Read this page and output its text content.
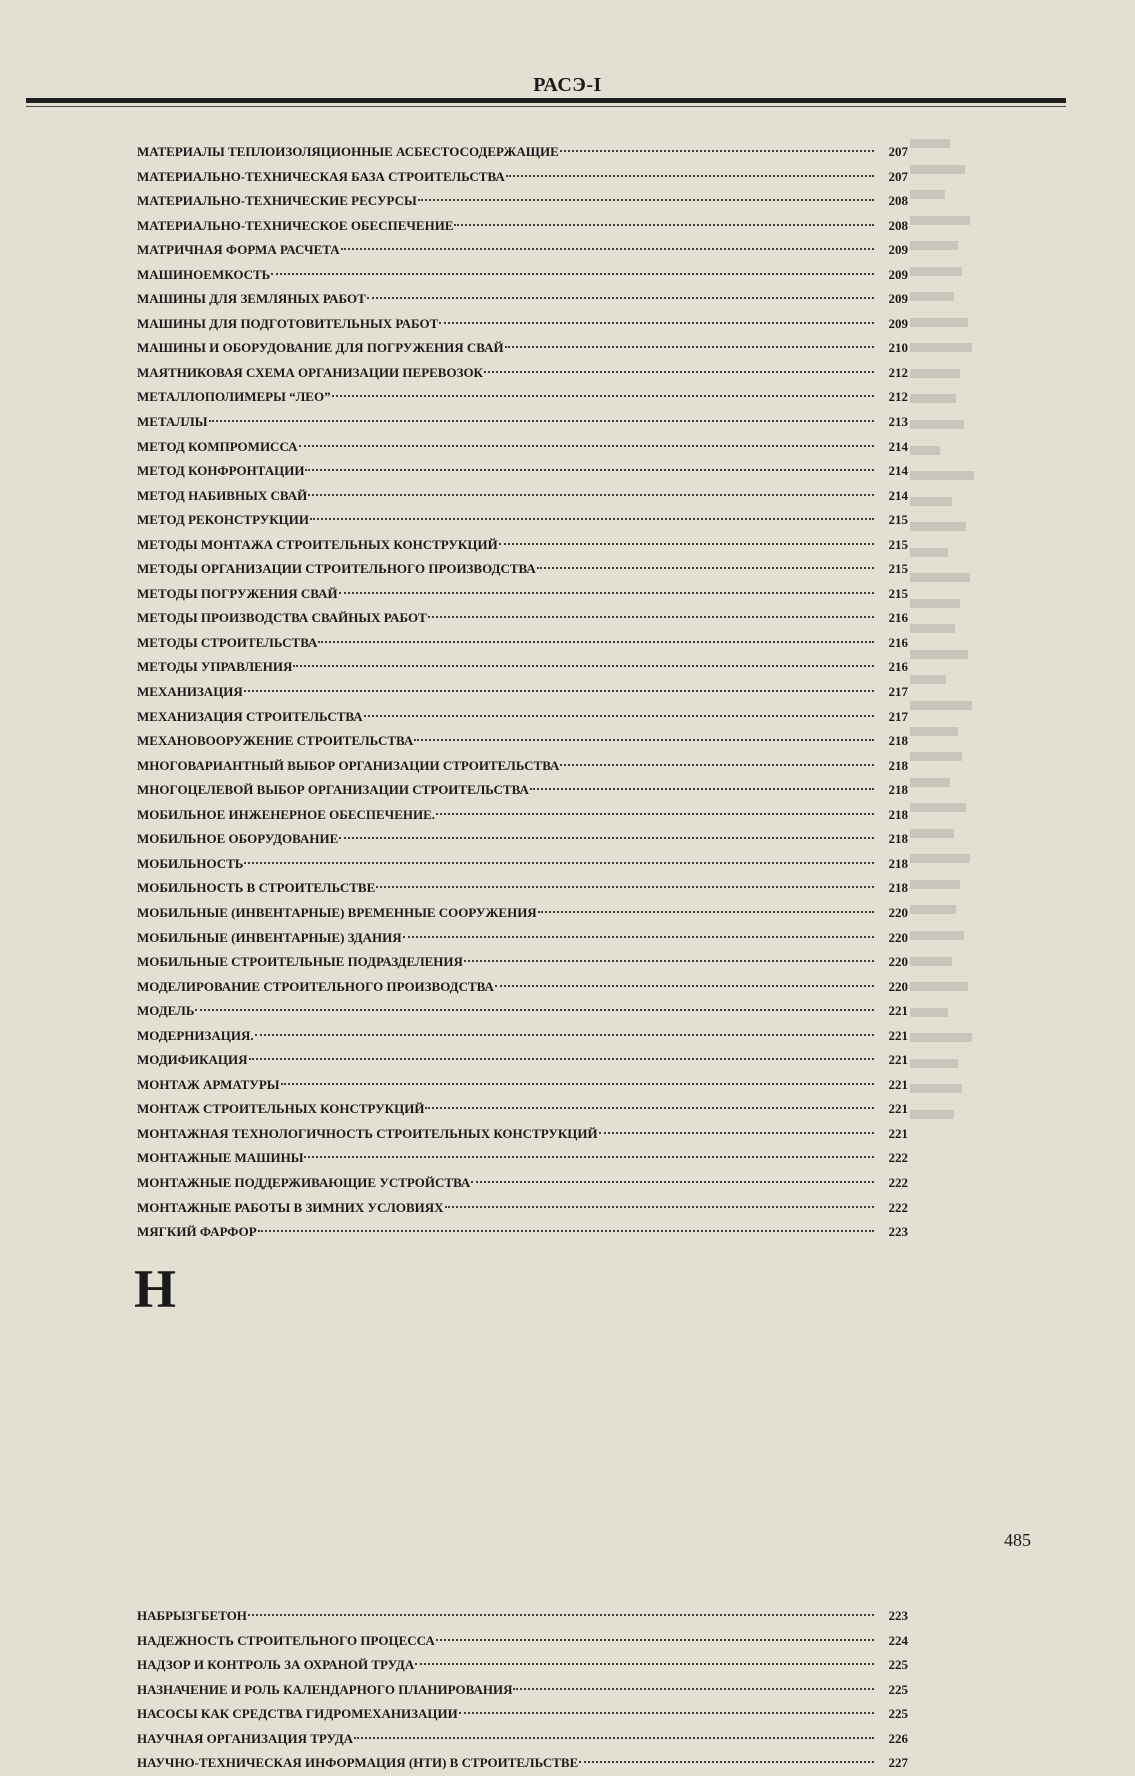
РАСЭ-I
МАТЕРИАЛЫ ТЕПЛОИЗОЛЯЦИОННЫЕ АСБЕСТОСОДЕРЖАЩИЕ	207
МАТЕРИАЛЬНО-ТЕХНИЧЕСКАЯ БАЗА СТРОИТЕЛЬСТВА	207
МАТЕРИАЛЬНО-ТЕХНИЧЕСКИЕ РЕСУРСЫ	208
МАТЕРИАЛЬНО-ТЕХНИЧЕСКОЕ ОБЕСПЕЧЕНИЕ	208
МАТРИЧНАЯ ФОРМА РАСЧЕТА	209
МАШИНОЕМКОСТЬ	209
МАШИНЫ ДЛЯ ЗЕМЛЯНЫХ РАБОТ	209
МАШИНЫ ДЛЯ ПОДГОТОВИТЕЛЬНЫХ РАБОТ	209
МАШИНЫ И ОБОРУДОВАНИЕ ДЛЯ ПОГРУЖЕНИЯ СВАЙ	210
МАЯТНИКОВАЯ СХЕМА ОРГАНИЗАЦИИ ПЕРЕВОЗОК	212
МЕТАЛЛОПОЛИМЕРЫ “ЛЕО”	212
МЕТАЛЛЫ	213
МЕТОД КОМПРОМИССА	214
МЕТОД КОНФРОНТАЦИИ	214
МЕТОД НАБИВНЫХ СВАЙ	214
МЕТОД РЕКОНСТРУКЦИИ	215
МЕТОДЫ МОНТАЖА СТРОИТЕЛЬНЫХ КОНСТРУКЦИЙ	215
МЕТОДЫ ОРГАНИЗАЦИИ СТРОИТЕЛЬНОГО ПРОИЗВОДСТВА	215
МЕТОДЫ ПОГРУЖЕНИЯ СВАЙ	215
МЕТОДЫ ПРОИЗВОДСТВА СВАЙНЫХ РАБОТ	216
МЕТОДЫ СТРОИТЕЛЬСТВА	216
МЕТОДЫ УПРАВЛЕНИЯ	216
МЕХАНИЗАЦИЯ	217
МЕХАНИЗАЦИЯ СТРОИТЕЛЬСТВА	217
МЕХАНОВООРУЖЕНИЕ СТРОИТЕЛЬСТВА	218
МНОГОВАРИАНТНЫЙ ВЫБОР ОРГАНИЗАЦИИ СТРОИТЕЛЬСТВА	218
МНОГОЦЕЛЕВОЙ ВЫБОР ОРГАНИЗАЦИИ СТРОИТЕЛЬСТВА	218
МОБИЛЬНОЕ ИНЖЕНЕРНОЕ ОБЕСПЕЧЕНИЕ.	218
МОБИЛЬНОЕ ОБОРУДОВАНИЕ	218
МОБИЛЬНОСТЬ	218
МОБИЛЬНОСТЬ В СТРОИТЕЛЬСТВЕ	218
МОБИЛЬНЫЕ (ИНВЕНТАРНЫЕ) ВРЕМЕННЫЕ СООРУЖЕНИЯ	220
МОБИЛЬНЫЕ (ИНВЕНТАРНЫЕ) ЗДАНИЯ	220
МОБИЛЬНЫЕ СТРОИТЕЛЬНЫЕ ПОДРАЗДЕЛЕНИЯ	220
МОДЕЛИРОВАНИЕ СТРОИТЕЛЬНОГО ПРОИЗВОДСТВА	220
МОДЕЛЬ	221
МОДЕРНИЗАЦИЯ.	221
МОДИФИКАЦИЯ	221
МОНТАЖ АРМАТУРЫ	221
МОНТАЖ СТРОИТЕЛЬНЫХ КОНСТРУКЦИЙ	221
МОНТАЖНАЯ ТЕХНОЛОГИЧНОСТЬ СТРОИТЕЛЬНЫХ КОНСТРУКЦИЙ	221
МОНТАЖНЫЕ МАШИНЫ	222
МОНТАЖНЫЕ ПОДДЕРЖИВАЮЩИЕ УСТРОЙСТВА	222
МОНТАЖНЫЕ РАБОТЫ В ЗИМНИХ УСЛОВИЯХ	222
МЯГКИЙ ФАРФОР	223
Н
НАБРЫЗГБЕТОН	223
НАДЕЖНОСТЬ СТРОИТЕЛЬНОГО ПРОЦЕССА	224
НАДЗОР И КОНТРОЛЬ ЗА ОХРАНОЙ ТРУДА	225
НАЗНАЧЕНИЕ И РОЛЬ КАЛЕНДАРНОГО ПЛАНИРОВАНИЯ	225
НАСОСЫ КАК СРЕДСТВА ГИДРОМЕХАНИЗАЦИИ	225
НАУЧНАЯ ОРГАНИЗАЦИЯ ТРУДА	226
НАУЧНО-ТЕХНИЧЕСКАЯ ИНФОРМАЦИЯ (НТИ) В СТРОИТЕЛЬСТВЕ	227
485
